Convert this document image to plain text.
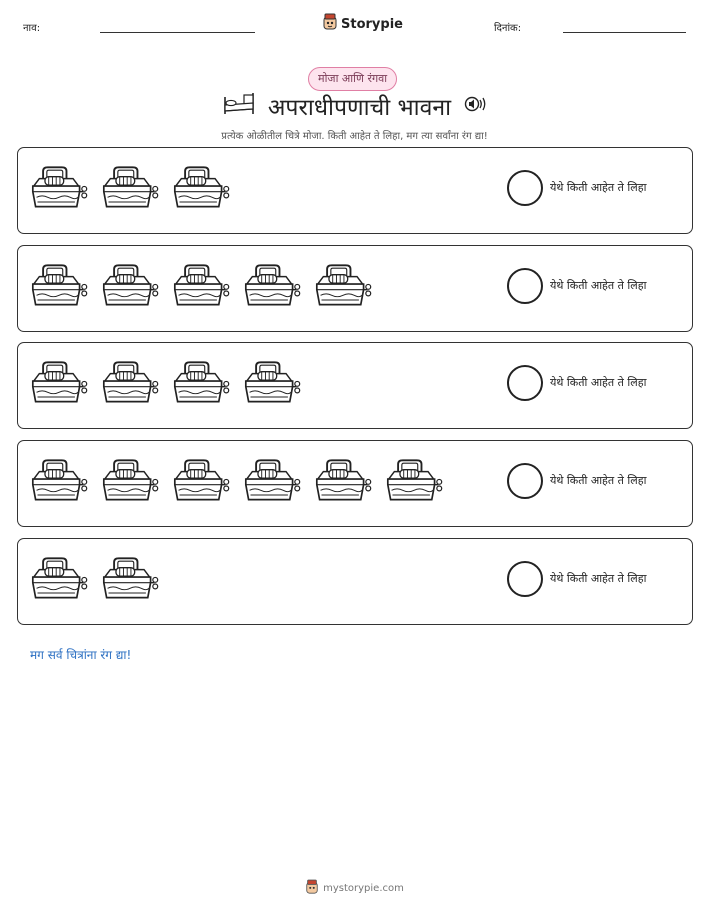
नाव:	Storypie	दिनांक:
मोजा आणि रंगवा
अपराधीपणाची भावना
प्रत्येक ओळीतील चित्रे मोजा. किती आहेत ते लिहा, मग त्या सर्वांना रंग द्या!
येथे किती आहेत ते लिहा
येथे किती आहेत ते लिहा
येथे किती आहेत ते लिहा
येथे किती आहेत ते लिहा
येथे किती आहेत ते लिहा
मग सर्व चित्रांना रंग द्या!
mystorypie.com
